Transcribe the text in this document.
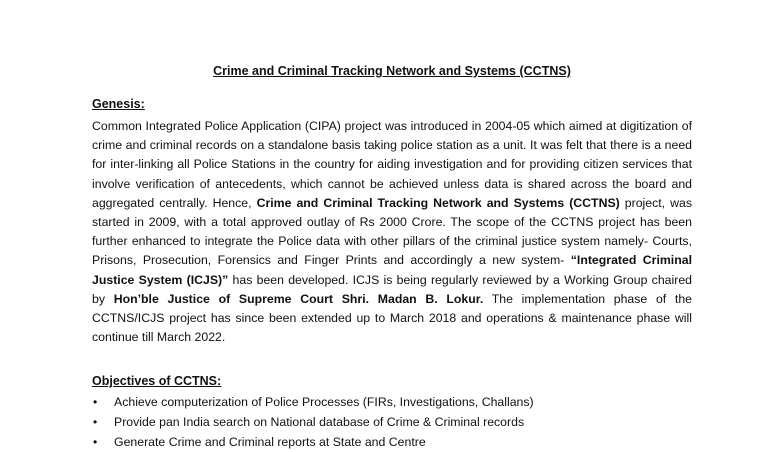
Crime and Criminal Tracking Network and Systems (CCTNS)
Genesis:
Common Integrated Police Application (CIPA) project was introduced in 2004-05 which aimed at digitization of crime and criminal records on a standalone basis taking police station as a unit. It was felt that there is a need for inter-linking all Police Stations in the country for aiding investigation and for providing citizen services that involve verification of antecedents, which cannot be achieved unless data is shared across the board and aggregated centrally. Hence, Crime and Criminal Tracking Network and Systems (CCTNS) project, was started in 2009, with a total approved outlay of Rs 2000 Crore. The scope of the CCTNS project has been further enhanced to integrate the Police data with other pillars of the criminal justice system namely- Courts, Prisons, Prosecution, Forensics and Finger Prints and accordingly a new system- “Integrated Criminal Justice System (ICJS)” has been developed. ICJS is being regularly reviewed by a Working Group chaired by Hon’ble Justice of Supreme Court Shri. Madan B. Lokur. The implementation phase of the CCTNS/ICJS project has since been extended up to March 2018 and operations & maintenance phase will continue till March 2022.
Objectives of CCTNS:
• Achieve computerization of Police Processes (FIRs, Investigations, Challans)
• Provide pan India search on National database of Crime & Criminal records
• Generate Crime and Criminal reports at State and Centre
